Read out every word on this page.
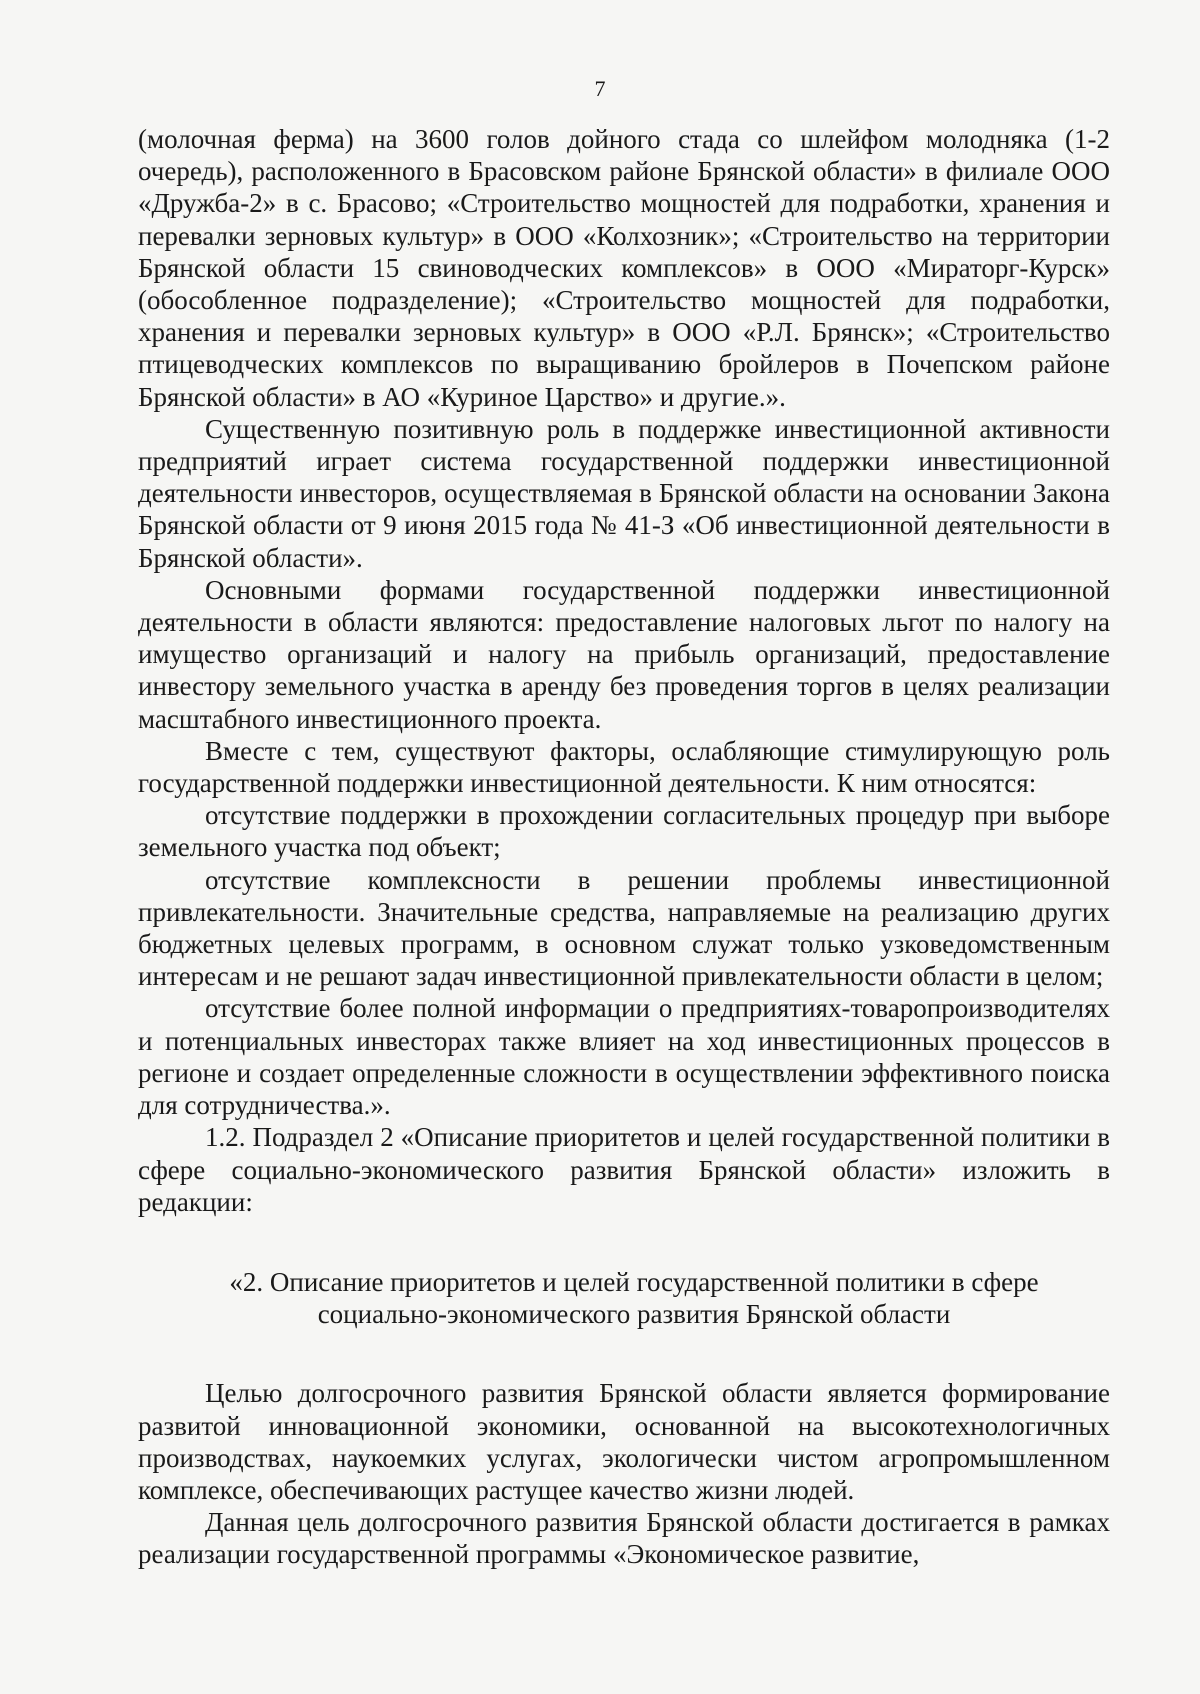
7

(молочная ферма) на 3600 голов дойного стада со шлейфом молодняка (1-2 очередь), расположенного в Брасовском районе Брянской области» в филиале ООО «Дружба-2» в с. Брасово; «Строительство мощностей для подработки, хранения и перевалки зерновых культур» в ООО «Колхозник»; «Строительство на территории Брянской области 15 свиноводческих комплексов» в ООО «Мираторг-Курск» (обособленное подразделение); «Строительство мощностей для подработки, хранения и перевалки зерновых культур» в ООО «Р.Л. Брянск»; «Строительство птицеводческих комплексов по выращиванию бройлеров в Почепском районе Брянской области» в АО «Куриное Царство» и другие.».

Существенную позитивную роль в поддержке инвестиционной активности предприятий играет система государственной поддержки инвестиционной деятельности инвесторов, осуществляемая в Брянской области на основании Закона Брянской области от 9 июня 2015 года № 41-З «Об инвестиционной деятельности в Брянской области».

Основными формами государственной поддержки инвестиционной деятельности в области являются: предоставление налоговых льгот по налогу на имущество организаций и налогу на прибыль организаций, предоставление инвестору земельного участка в аренду без проведения торгов в целях реализации масштабного инвестиционного проекта.

Вместе с тем, существуют факторы, ослабляющие стимулирующую роль государственной поддержки инвестиционной деятельности. К ним относятся:

отсутствие поддержки в прохождении согласительных процедур при выборе земельного участка под объект;

отсутствие комплексности в решении проблемы инвестиционной привлекательности. Значительные средства, направляемые на реализацию других бюджетных целевых программ, в основном служат только узковедомственным интересам и не решают задач инвестиционной привлекательности области в целом;

отсутствие более полной информации о предприятиях-товаропроизводителях и потенциальных инвесторах также влияет на ход инвестиционных процессов в регионе и создает определенные сложности в осуществлении эффективного поиска для сотрудничества.».

1.2. Подраздел 2 «Описание приоритетов и целей государственной политики в сфере социально-экономического развития Брянской области» изложить в редакции:

«2. Описание приоритетов и целей государственной политики в сфере
социально-экономического развития Брянской области

Целью долгосрочного развития Брянской области является формирование развитой инновационной экономики, основанной на высокотехнологичных производствах, наукоемких услугах, экологически чистом агропромышленном комплексе, обеспечивающих растущее качество жизни людей.

Данная цель долгосрочного развития Брянской области достигается в рамках реализации государственной программы «Экономическое развитие,
